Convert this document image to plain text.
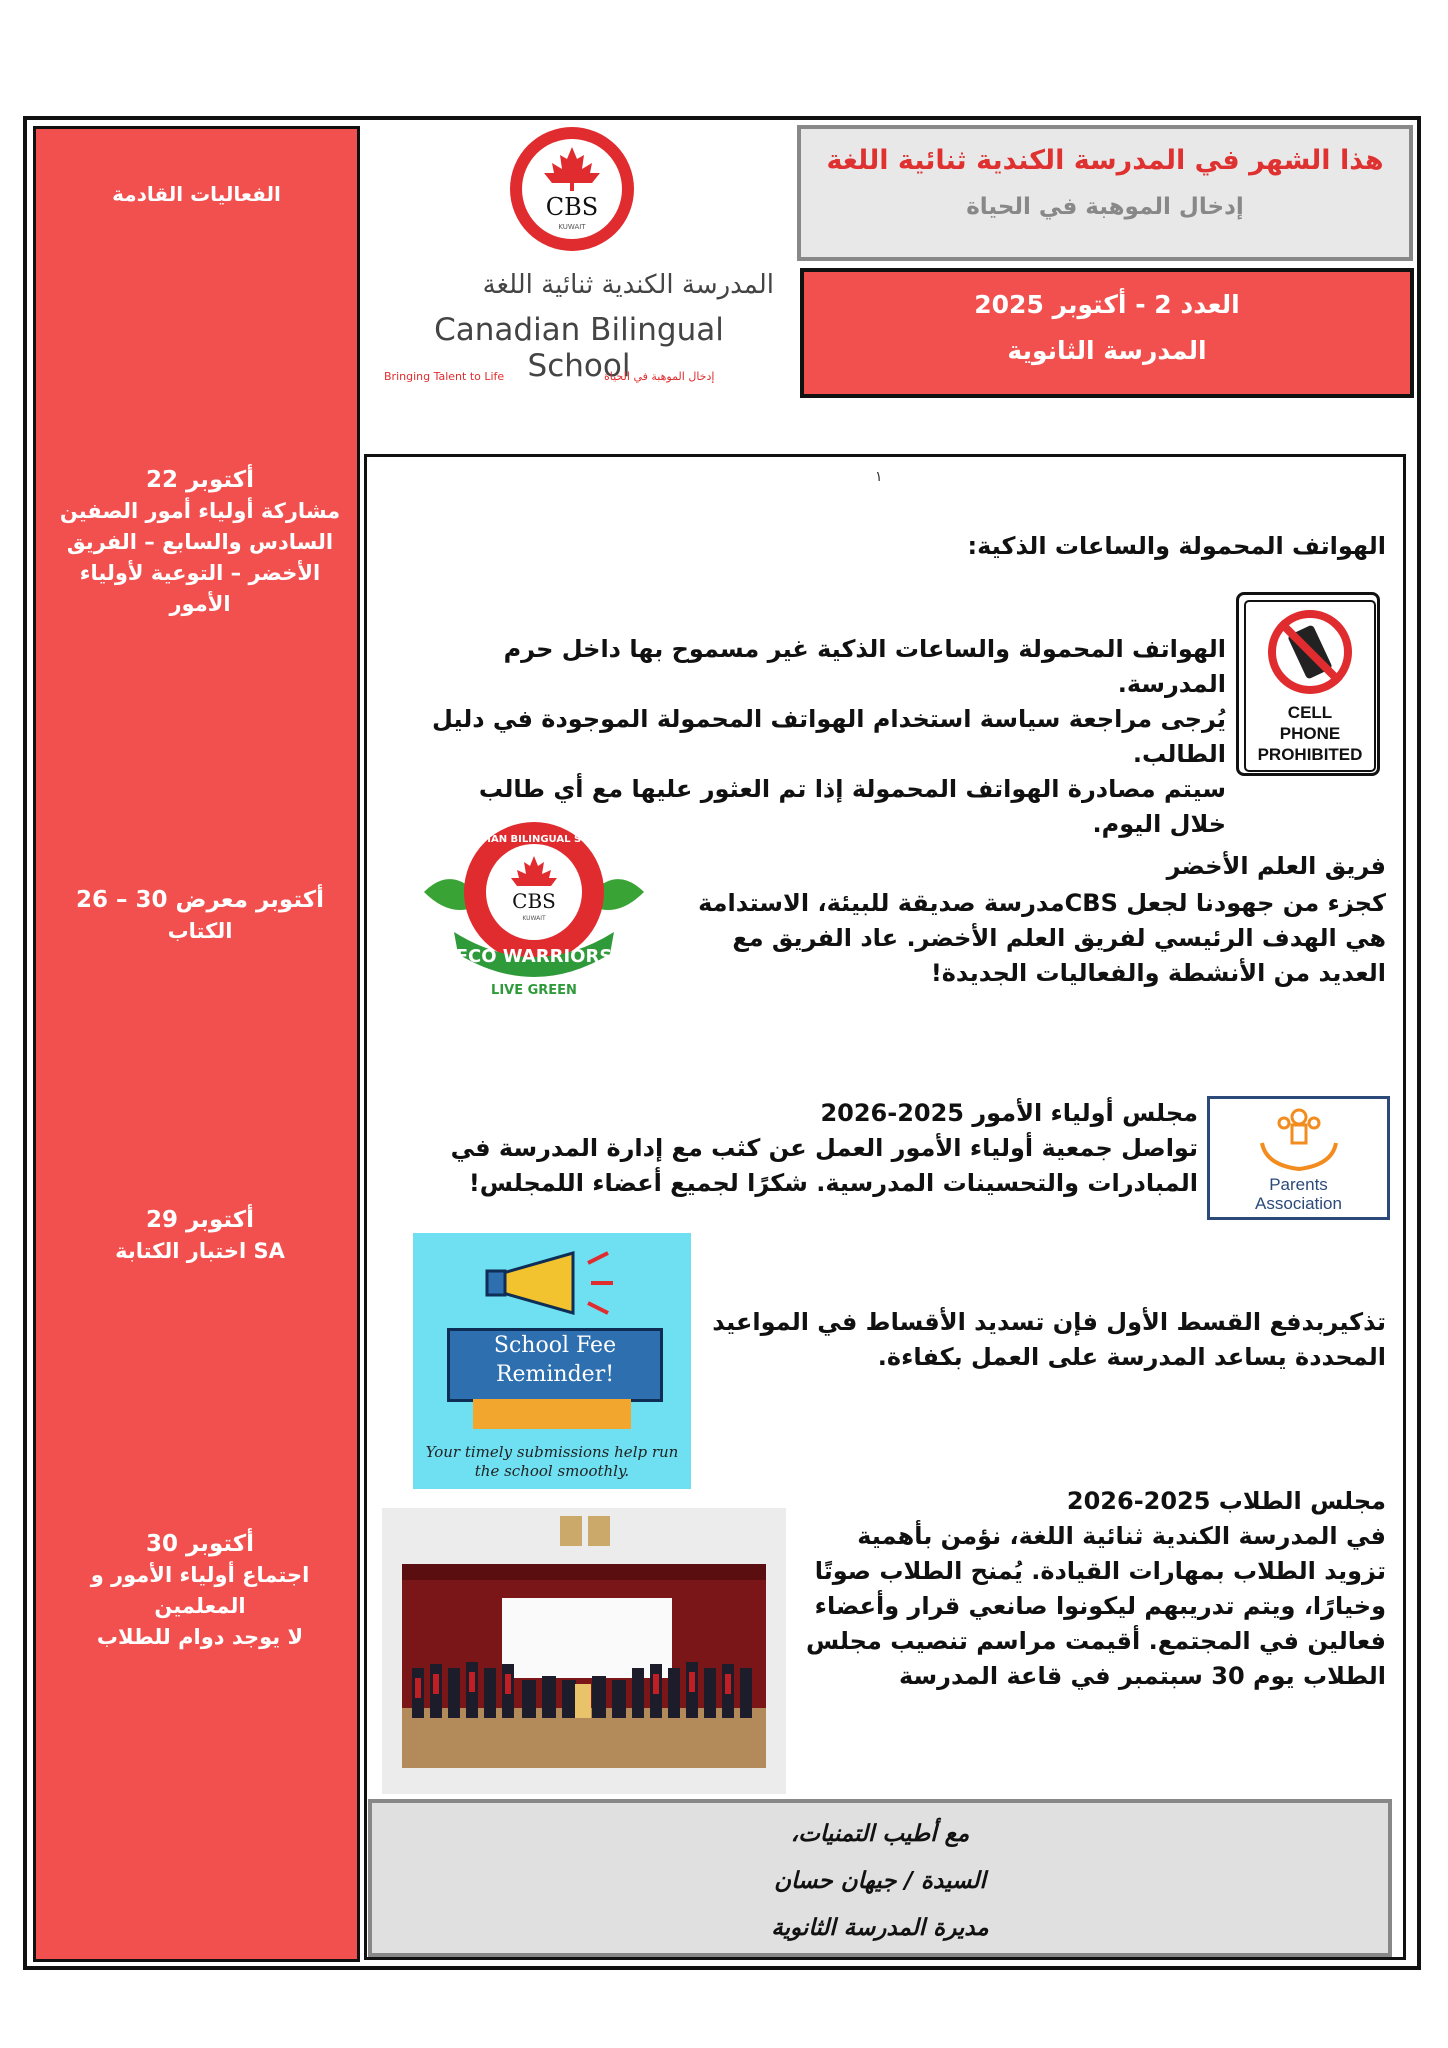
الفعاليات القادمة
22 أكتوبر
مشاركة أولياء أمور الصفين السادس والسابع – الفريق الأخضر – التوعية لأولياء الأمور
26 – 30 أكتوبر معرض
الكتاب
29 أكتوبر
اختبار الكتابة SA
30 أكتوبر
اجتماع أولياء الأمور و المعلمين
لا يوجد دوام للطلاب
CBS
KUWAIT
المدرسة الكندية ثنائية اللغة
Canadian Bilingual School
Bringing Talent to Life	إدخال الموهبة في الحياة
هذا الشهر في المدرسة الكندية ثنائية اللغة
إدخال الموهبة في الحياة
العدد 2 - أكتوبر 2025
المدرسة الثانوية
١
الهواتف المحمولة والساعات الذكية:
الهواتف المحمولة والساعات الذكية غير مسموح بها داخل حرم المدرسة.
يُرجى مراجعة سياسة استخدام الهواتف المحمولة الموجودة في دليل الطالب.
سيتم مصادرة الهواتف المحمولة إذا تم العثور عليها مع أي طالب خلال اليوم.
CELL
PHONE
PROHIBITED
CANADIAN BILINGUAL SCHOOL
CBS
KUWAIT
ECO WARRIORS
LIVE GREEN
فريق العلم الأخضر
كجزء من جهودنا لجعل CBSمدرسة صديقة للبيئة، الاستدامة هي الهدف الرئيسي لفريق العلم الأخضر. عاد الفريق مع العديد من الأنشطة والفعاليات الجديدة!
Parents
Association
مجلس أولياء الأمور 2025-2026
تواصل جمعية أولياء الأمور العمل عن كثب مع إدارة المدرسة في المبادرات والتحسينات المدرسية. شكرًا لجميع أعضاء اللمجلس!
School Fee
Reminder!
Your timely submissions help run the school smoothly.
تذكيربدفع القسط الأول فإن تسديد الأقساط في المواعيد المحددة يساعد المدرسة على العمل بكفاءة.
مجلس الطلاب 2025-2026
في المدرسة الكندية ثنائية اللغة، نؤمن بأهمية تزويد الطلاب بمهارات القيادة. يُمنح الطلاب صوتًا وخيارًا، ويتم تدريبهم ليكونوا صانعي قرار وأعضاء فعالين في المجتمع. أقيمت مراسم تنصيب مجلس الطلاب يوم 30 سبتمبر في قاعة المدرسة
مع أطيب التمنيات،
السيدة / جيهان حسان
مديرة المدرسة الثانوية
